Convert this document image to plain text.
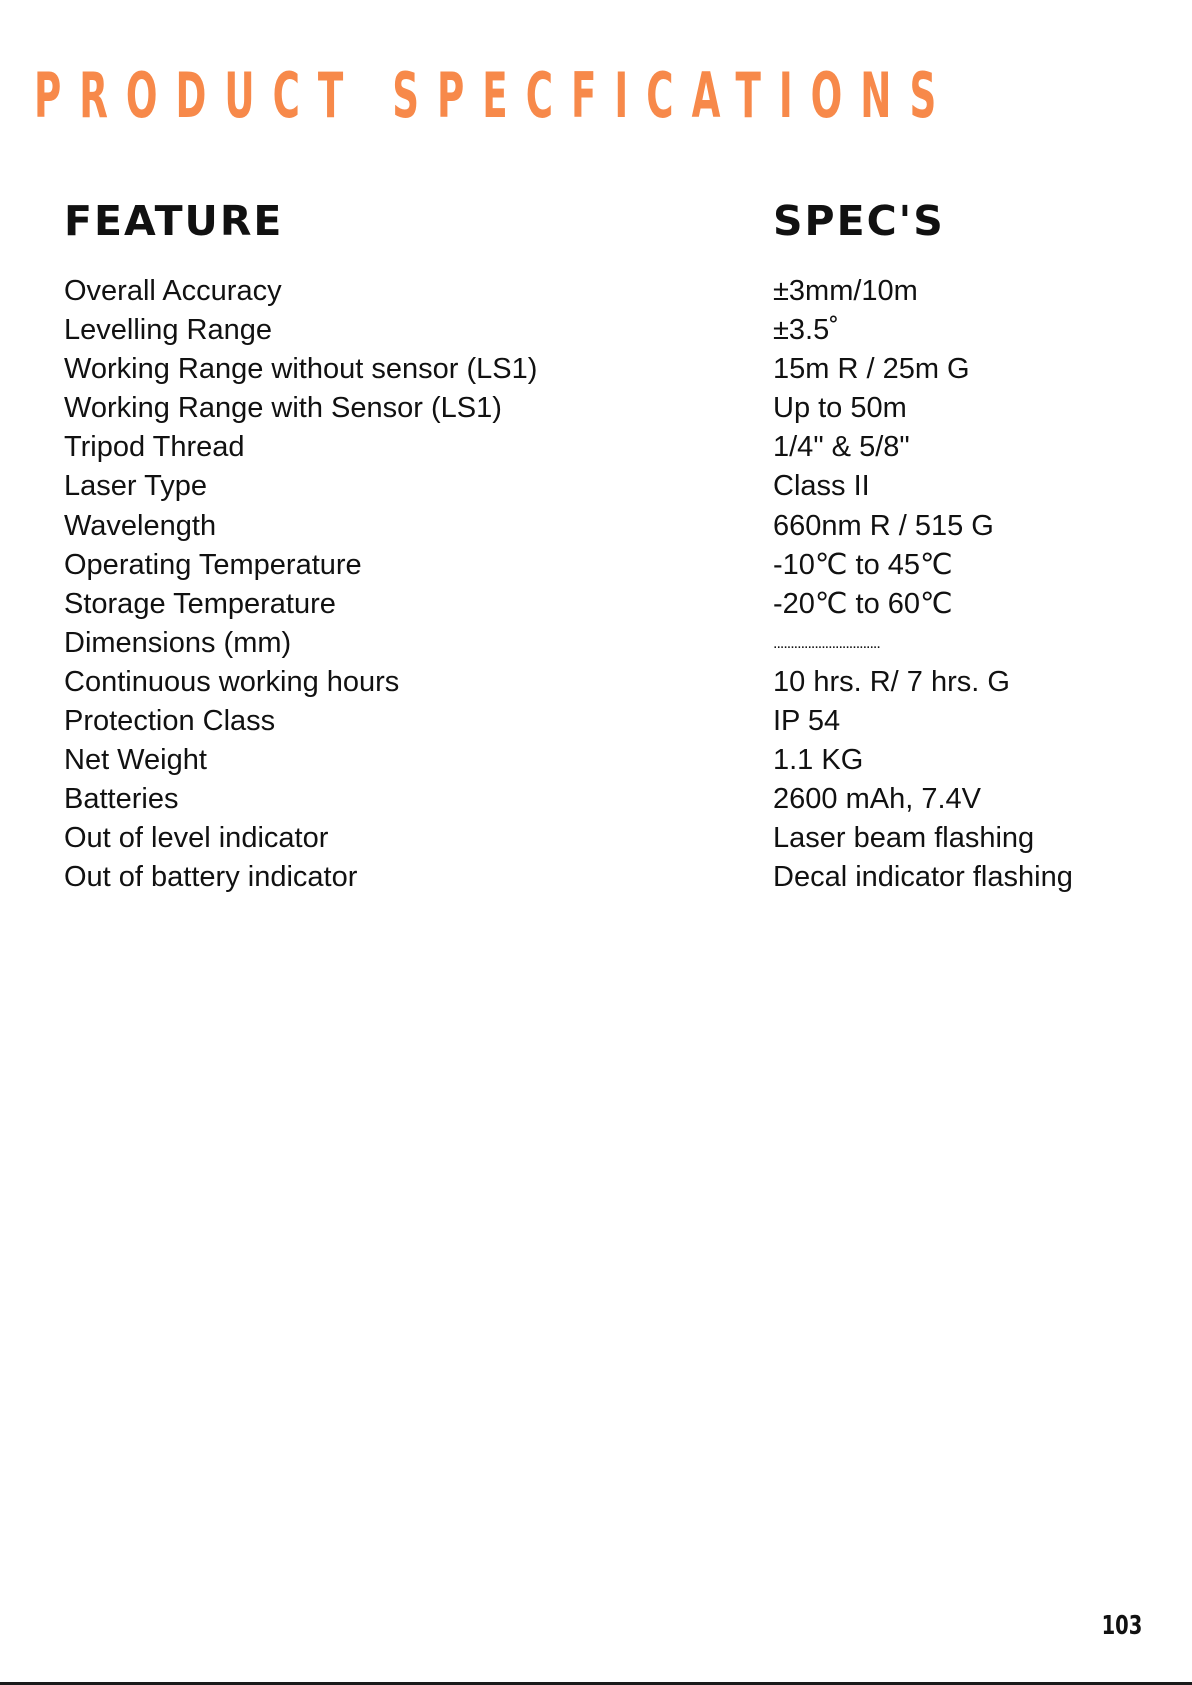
PRODUCT SPECFICATIONS
FEATURE	SPEC'S
Overall Accuracy	±3mm/10m
Levelling Range	±3.5˚
Working Range without sensor (LS1)	15m R / 25m G
Working Range with Sensor (LS1)	Up to 50m
Tripod Thread	1/4" & 5/8"
Laser Type	Class II
Wavelength	660nm R / 515 G
Operating Temperature	-10℃ to 45℃
Storage Temperature	-20℃ to 60℃
Dimensions (mm)	...............................
Continuous working hours	10 hrs. R/ 7 hrs. G
Protection Class	IP 54
Net Weight	1.1 KG
Batteries	2600 mAh, 7.4V
Out of level indicator	Laser beam flashing
Out of battery indicator	Decal indicator flashing
103
